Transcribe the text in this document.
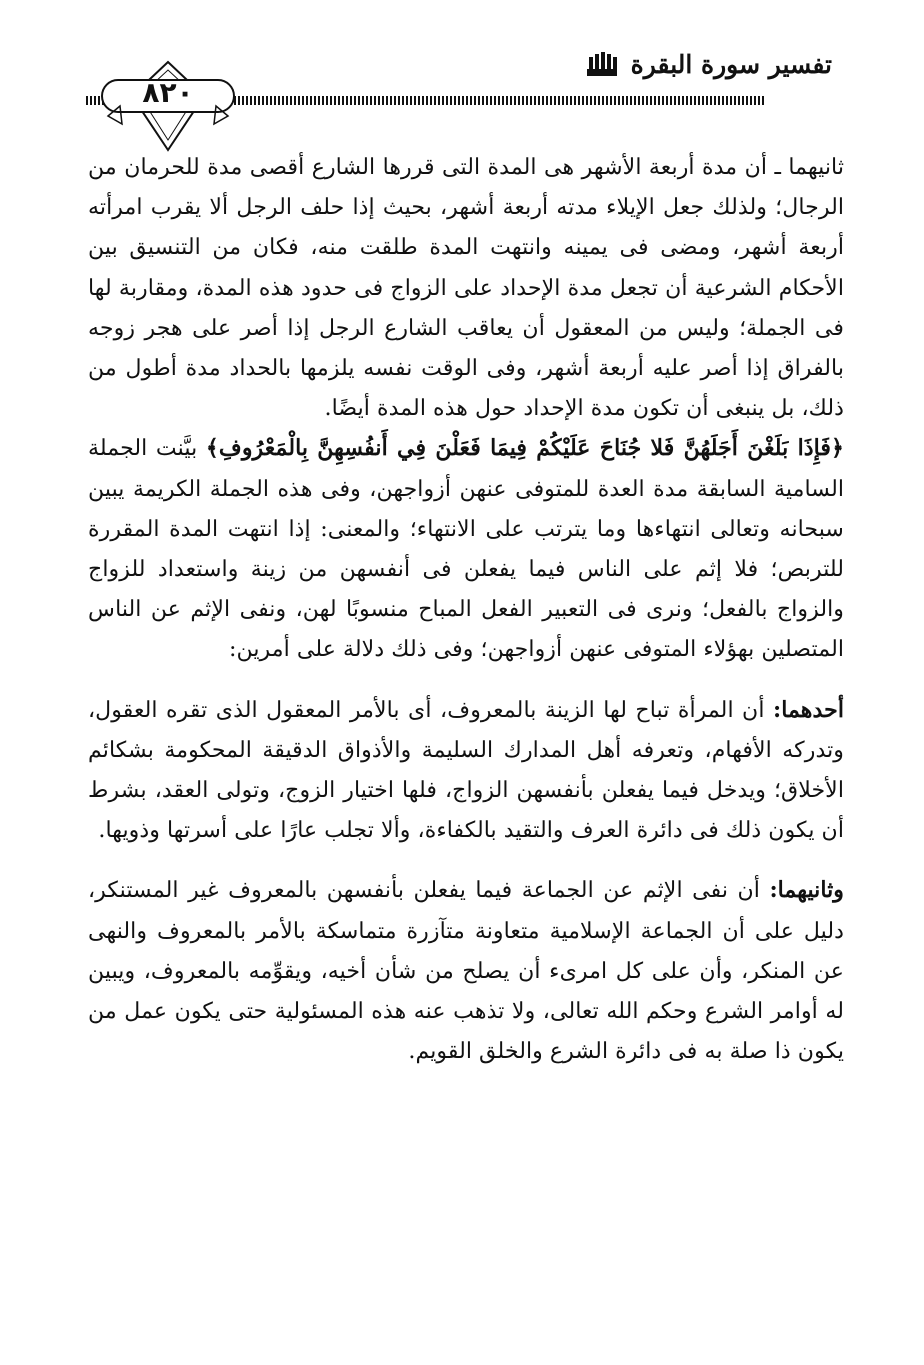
تفسير سورة البقرة
٨٢٠

ثانيهما ـ أن مدة أربعة الأشهر هى المدة التى قررها الشارع أقصى مدة للحرمان من الرجال؛ ولذلك جعل الإيلاء مدته أربعة أشهر، بحيث إذا حلف الرجل ألا يقرب امرأته أربعة أشهر، ومضى فى يمينه وانتهت المدة طلقت منه، فكان من التنسيق بين الأحكام الشرعية أن تجعل مدة الإحداد على الزواج فى حدود هذه المدة، ومقاربة لها فى الجملة؛ وليس من المعقول أن يعاقب الشارع الرجل إذا أصر على هجر زوجه بالفراق إذا أصر عليه أربعة أشهر، وفى الوقت نفسه يلزمها بالحداد مدة أطول من ذلك، بل ينبغى أن تكون مدة الإحداد حول هذه المدة أيضًا.

﴿فَإِذَا بَلَغْنَ أَجَلَهُنَّ فَلا جُنَاحَ عَلَيْكُمْ فِيمَا فَعَلْنَ فِي أَنفُسِهِنَّ بِالْمَعْرُوفِ﴾ بيَّنت الجملة السامية السابقة مدة العدة للمتوفى عنهن أزواجهن، وفى هذه الجملة الكريمة يبين سبحانه وتعالى انتهاءها وما يترتب على الانتهاء؛ والمعنى: إذا انتهت المدة المقررة للتربص؛ فلا إثم على الناس فيما يفعلن فى أنفسهن من زينة واستعداد للزواج والزواج بالفعل؛ ونرى فى التعبير الفعل المباح منسوبًا لهن، ونفى الإثم عن الناس المتصلين بهؤلاء المتوفى عنهن أزواجهن؛ وفى ذلك دلالة على أمرين:

أحدهما: أن المرأة تباح لها الزينة بالمعروف، أى بالأمر المعقول الذى تقره العقول، وتدركه الأفهام، وتعرفه أهل المدارك السليمة والأذواق الدقيقة المحكومة بشكائم الأخلاق؛ ويدخل فيما يفعلن بأنفسهن الزواج، فلها اختيار الزوج، وتولى العقد، بشرط أن يكون ذلك فى دائرة العرف والتقيد بالكفاءة، وألا تجلب عارًا على أسرتها وذويها.

وثانيهما: أن نفى الإثم عن الجماعة فيما يفعلن بأنفسهن بالمعروف غير المستنكر، دليل على أن الجماعة الإسلامية متعاونة متآزرة متماسكة بالأمر بالمعروف والنهى عن المنكر، وأن على كل امرىء أن يصلح من شأن أخيه، ويقوِّمه بالمعروف، ويبين له أوامر الشرع وحكم الله تعالى، ولا تذهب عنه هذه المسئولية حتى يكون عمل من يكون ذا صلة به فى دائرة الشرع والخلق القويم.
